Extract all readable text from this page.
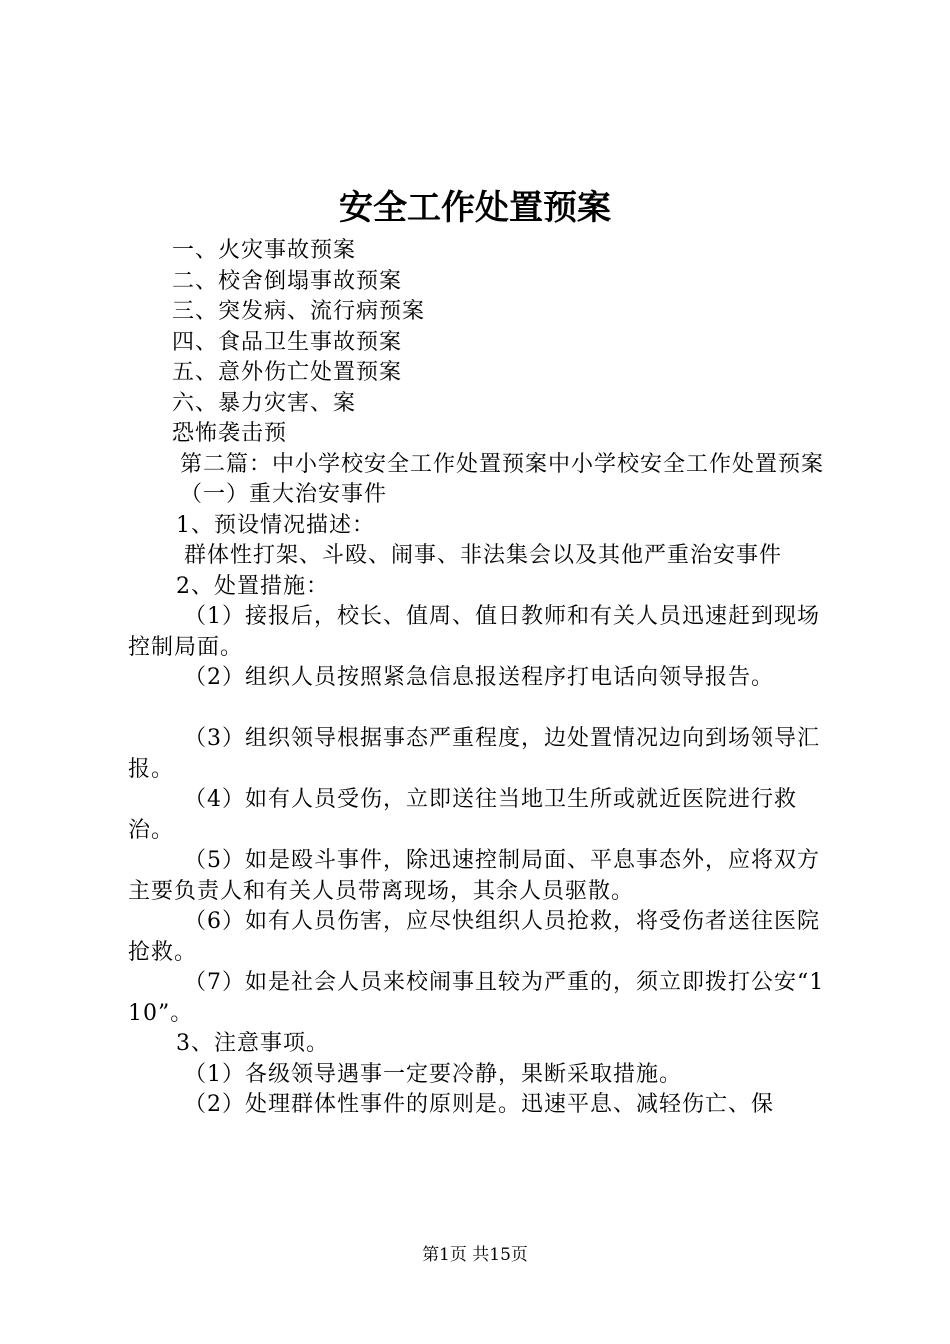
安全工作处置预案

一、火灾事故预案

二、校舍倒塌事故预案

三、突发病、流行病预案

四、食品卫生事故预案

五、意外伤亡处置预案

六、暴力灾害、案

恐怖袭击预

第二篇：中小学校安全工作处置预案中小学校安全工作处置预案

（一）重大治安事件

1、预设情况描述：

群体性打架、斗殴、闹事、非法集会以及其他严重治安事件

2、处置措施：

（1）接报后，校长、值周、值日教师和有关人员迅速赶到现场控制局面。

（2）组织人员按照紧急信息报送程序打电话向领导报告。

（3）组织领导根据事态严重程度，边处置情况边向到场领导汇报。

（4）如有人员受伤，立即送往当地卫生所或就近医院进行救治。

（5）如是殴斗事件，除迅速控制局面、平息事态外，应将双方主要负责人和有关人员带离现场，其余人员驱散。

（6）如有人员伤害，应尽快组织人员抢救，将受伤者送往医院抢救。

（7）如是社会人员来校闹事且较为严重的，须立即拨打公安“110”。

3、注意事项。

（1）各级领导遇事一定要冷静，果断采取措施。

（2）处理群体性事件的原则是。迅速平息、减轻伤亡、保

第1页 共15页
